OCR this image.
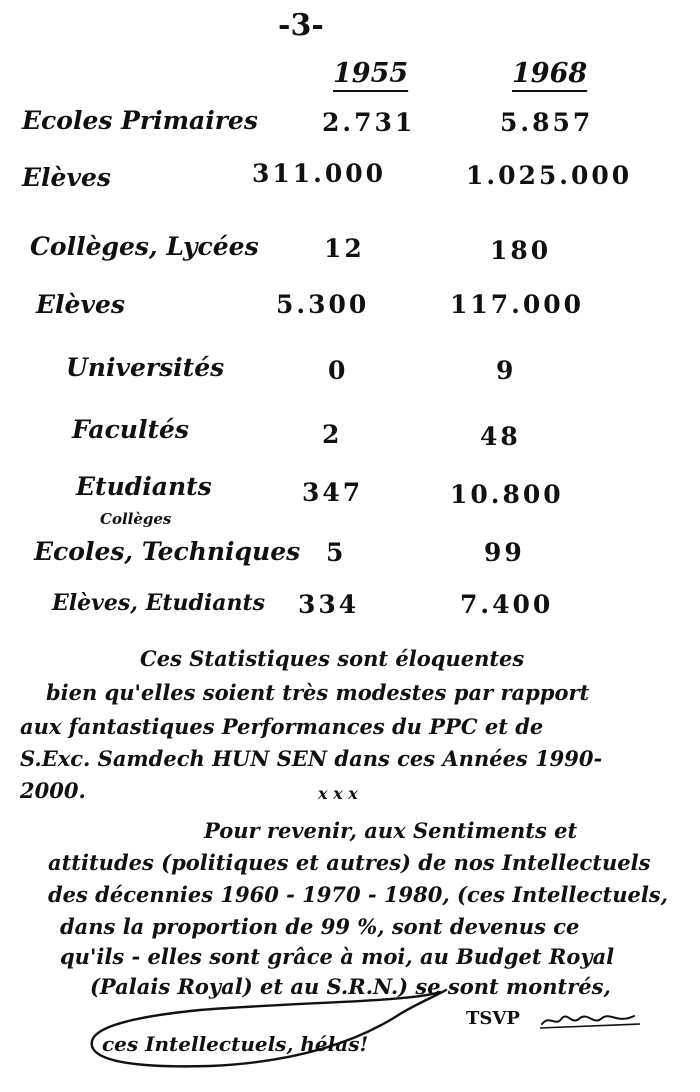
-3-
1955	1968
Ecoles Primaires	2.731	5.857
Elèves	311.000	1.025.000
Collèges, Lycées	12	180
Elèves	5.300	117.000
Universités	0	9
Facultés	2	48
Etudiants	347	10.800
Collèges
Ecoles, Techniques 5	99
Elèves, Etudiants 334	7.400
Ces Statistiques sont éloquentes
bien qu'elles soient très modestes par rapport
aux fantastiques Performances du PPC et de
S.Exc. Samdech HUN SEN dans ces Années 1990-
2000.	x x x
Pour revenir, aux Sentiments et
attitudes (politiques et autres) de nos Intellectuels
des décennies 1960 - 1970 - 1980, (ces Intellectuels,
dans la proportion de 99 %, sont devenus ce
qu'ils - elles sont grâce à moi, au Budget Royal
(Palais Royal) et au S.R.N.) se sont montrés,
TSVP
ces Intellectuels, hélas!
